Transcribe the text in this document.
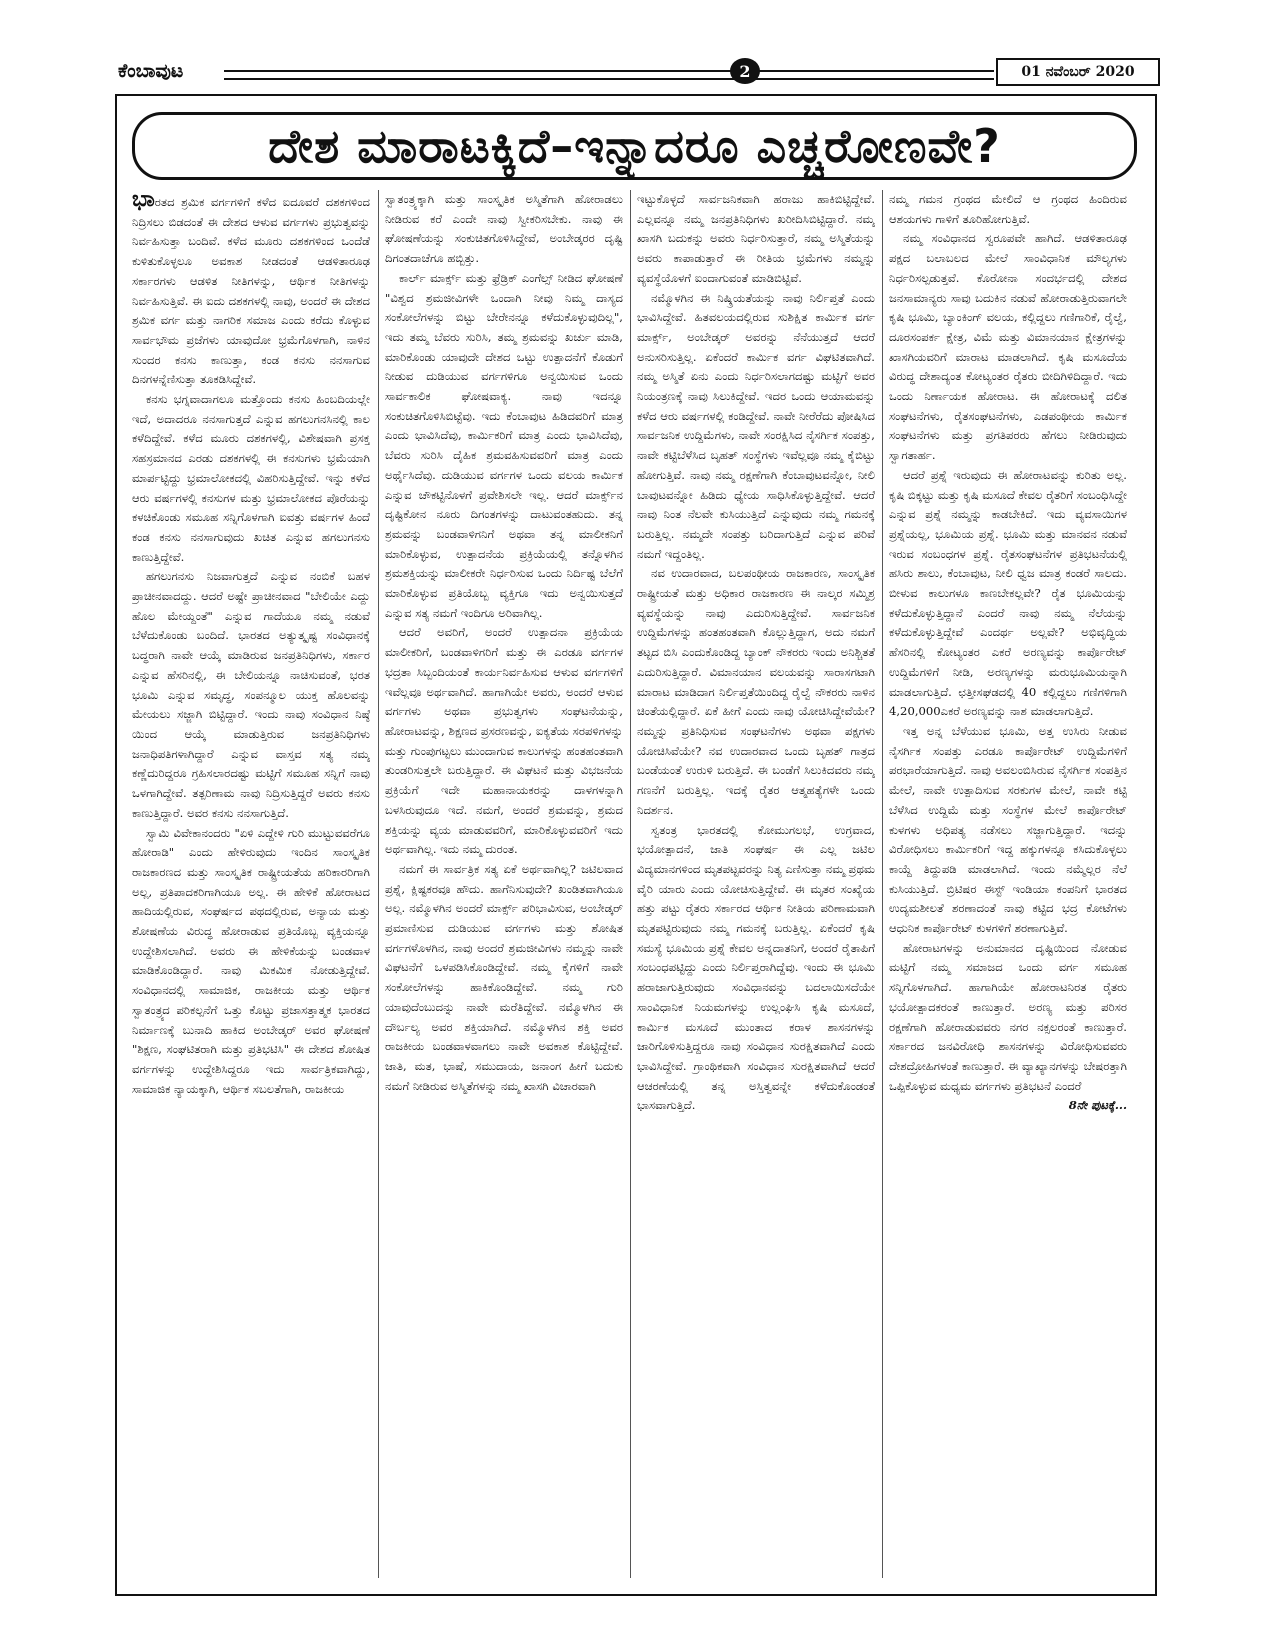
ಕೆಂಬಾವುಟ	2	01 ನವೆಂಬರ್ 2020
ದೇಶ ಮಾರಾಟಕ್ಕಿದೆ–ಇನ್ನಾದರೂ ಎಚ್ಚರೋಣವೇ?

ಭಾರತದ ಶ್ರಮಿಕ ವರ್ಗಗಳಿಗೆ ಕಳೆದ ಐದೂವರೆ ದಶಕಗಳಿಂದ ನಿದ್ರಿಸಲು ಬಿಡದಂತೆ ಈ ದೇಶದ ಆಳುವ ವರ್ಗಗಳು ಪ್ರಭುತ್ವವನ್ನು ನಿರ್ವಹಿಸುತ್ತಾ ಬಂದಿವೆ. ಕಳೆದ ಮೂರು ದಶಕಗಳಿಂದ ಒಂದೆಡೆ ಕುಳಿತುಕೊಳ್ಳಲೂ ಅವಕಾಶ ನೀಡದಂತೆ ಆಡಳಿತಾರೂಢ ಸರ್ಕಾರಗಳು ಆಡಳಿತ ನೀತಿಗಳನ್ನು, ಆರ್ಥಿಕ ನೀತಿಗಳನ್ನು ನಿರ್ವಹಿಸುತ್ತಿವೆ. ಈ ಐದು ದಶಕಗಳಲ್ಲಿ ನಾವು, ಅಂದರೆ ಈ ದೇಶದ ಶ್ರಮಿಕ ವರ್ಗ ಮತ್ತು ನಾಗರಿಕ ಸಮಾಜ ಎಂದು ಕರೆದು ಕೊಳ್ಳುವ ಸಾರ್ವಭೌಮ ಪ್ರಜೆಗಳು ಯಾವುದೋ ಭ್ರಮೆಗೊಳಗಾಗಿ, ನಾಳಿನ ಸುಂದರ ಕನಸು ಕಾಣುತ್ತಾ, ಕಂಡ ಕನಸು ನನಸಾಗುವ ದಿನಗಳನ್ನೆಣಿಸುತ್ತಾ ತೂಕಡಿಸಿದ್ದೇವೆ.

ಕನಸು ಭಗ್ನವಾದಾಗಲೂ ಮತ್ತೊಂದು ಕನಸು ಹಿಂಬದಿಯಲ್ಲೇ ಇದೆ, ಅದಾದರೂ ನನಸಾಗುತ್ತದೆ ಎನ್ನುವ ಹಗಲುಗನಸಿನಲ್ಲಿ ಕಾಲ ಕಳೆದಿದ್ದೇವೆ. ಕಳೆದ ಮೂರು ದಶಕಗಳಲ್ಲಿ, ವಿಶೇಷವಾಗಿ ಪ್ರಸಕ್ತ ಸಹಸ್ರಮಾನದ ಎರಡು ದಶಕಗಳಲ್ಲಿ ಈ ಕನಸುಗಳು ಭ್ರಮೆಯಾಗಿ ಮಾರ್ಪಟ್ಟಿದ್ದು ಭ್ರಮಾಲೋಕದಲ್ಲಿ ವಿಹರಿಸುತ್ತಿದ್ದೇವೆ. ಇನ್ನು ಕಳೆದ ಆರು ವರ್ಷಗಳಲ್ಲಿ ಕನಸುಗಳ ಮತ್ತು ಭ್ರಮಾಲೋಕದ ಪೊರೆಯನ್ನು ಕಳಚಿಕೊಂಡು ಸಮೂಹ ಸನ್ನಿಗೊಳಗಾಗಿ ಐವತ್ತು ವರ್ಷಗಳ ಹಿಂದೆ ಕಂಡ ಕನಸು ನನಸಾಗುವುದು ಖಚಿತ ಎನ್ನುವ ಹಗಲುಗನಸು ಕಾಣುತ್ತಿದ್ದೇವೆ.

ಹಗಲುಗನಸು ನಿಜವಾಗುತ್ತದೆ ಎನ್ನುವ ನಂಬಿಕೆ ಬಹಳ ಪ್ರಾಚೀನವಾದದ್ದು. ಆದರೆ ಅಷ್ಟೇ ಪ್ರಾಚೀನವಾದ "ಬೇಲಿಯೇ ಎದ್ದು ಹೊಲ ಮೇಯ್ದಂತೆ" ಎನ್ನುವ ಗಾದೆಯೂ ನಮ್ಮ ನಡುವೆ ಬೆಳೆದುಕೊಂಡು ಬಂದಿದೆ. ಭಾರತದ ಅತ್ಯುತ್ಕೃಷ್ಟ ಸಂವಿಧಾನಕ್ಕೆ ಬದ್ಧರಾಗಿ ನಾವೇ ಆಯ್ಕೆ ಮಾಡಿರುವ ಜನಪ್ರತಿನಿಧಿಗಳು, ಸರ್ಕಾರ ಎನ್ನುವ ಹೆಸರಿನಲ್ಲಿ, ಈ ಬೇಲಿಯನ್ನೂ ನಾಚಿಸುವಂತೆ, ಭರತ ಭೂಮಿ ಎನ್ನುವ ಸಮೃದ್ಧ, ಸಂಪನ್ಮೂಲ ಯುಕ್ತ ಹೊಲವನ್ನು ಮೇಯಲು ಸಜ್ಜಾಗಿ ಬಿಟ್ಟಿದ್ದಾರೆ. ಇಂದು ನಾವು ಸಂವಿಧಾನ ನಿಷ್ಠೆ ಯಿಂದ ಆಯ್ಕೆ ಮಾಡುತ್ತಿರುವ ಜನಪ್ರತಿನಿಧಿಗಳು ಜನಾಧಿಪತಿಗಳಾಗಿದ್ದಾರೆ ಎನ್ನುವ ವಾಸ್ತವ ಸತ್ಯ ನಮ್ಮ ಕಣ್ಣೆದುರಿದ್ದರೂ ಗ್ರಹಿಸಲಾರದಷ್ಟು ಮಟ್ಟಿಗೆ ಸಮೂಹ ಸನ್ನಿಗೆ ನಾವು ಒಳಗಾಗಿದ್ದೇವೆ. ತತ್ಪರಿಣಾಮ ನಾವು ನಿದ್ರಿಸುತ್ತಿದ್ದರೆ ಅವರು ಕನಸು ಕಾಣುತ್ತಿದ್ದಾರೆ. ಅವರ ಕನಸು ನನಸಾಗುತ್ತಿದೆ.

ಸ್ವಾಮಿ ವಿವೇಕಾನಂದರು "ಏಳಿ ಎದ್ದೇಳಿ ಗುರಿ ಮುಟ್ಟುವವರೆಗೂ ಹೋರಾಡಿ" ಎಂದು ಹೇಳಿರುವುದು ಇಂದಿನ ಸಾಂಸ್ಕೃತಿಕ ರಾಜಕಾರಣದ ಮತ್ತು ಸಾಂಸ್ಕೃತಿಕ ರಾಷ್ಟ್ರೀಯತೆಯ ಹರಿಕಾರರಿಗಾಗಿ ಅಲ್ಲ, ಪ್ರತಿಪಾದಕರಿಗಾಗಿಯೂ ಅಲ್ಲ. ಈ ಹೇಳಿಕೆ ಹೋರಾಟದ ಹಾದಿಯಲ್ಲಿರುವ, ಸಂಘರ್ಷದ ಪಥದಲ್ಲಿರುವ, ಅನ್ಯಾಯ ಮತ್ತು ಶೋಷಣೆಯ ವಿರುದ್ಧ ಹೋರಾಡುವ ಪ್ರತಿಯೊಬ್ಬ ವ್ಯಕ್ತಿಯನ್ನೂ ಉದ್ದೇಶಿಸಲಾಗಿದೆ. ಅವರು ಈ ಹೇಳಿಕೆಯನ್ನು ಬಂಡವಾಳ ಮಾಡಿಕೊಂಡಿದ್ದಾರೆ. ನಾವು ಮಿಕಮಿಕ ನೋಡುತ್ತಿದ್ದೇವೆ. ಸಂವಿಧಾನದಲ್ಲಿ ಸಾಮಾಜಿಕ, ರಾಜಕೀಯ ಮತ್ತು ಆರ್ಥಿಕ ಸ್ವಾತಂತ್ರ್ಯದ ಪರಿಕಲ್ಪನೆಗೆ ಒತ್ತು ಕೊಟ್ಟು ಪ್ರಜಾಸತ್ತಾತ್ಮಕ ಭಾರತದ ನಿರ್ಮಾಣಕ್ಕೆ ಬುನಾದಿ ಹಾಕಿದ ಅಂಬೇಡ್ಕರ್ ಅವರ ಘೋಷಣೆ "ಶಿಕ್ಷಣ, ಸಂಘಟಿತರಾಗಿ ಮತ್ತು ಪ್ರತಿಭಟಿಸಿ" ಈ ದೇಶದ ಶೋಷಿತ ವರ್ಗಗಳನ್ನು ಉದ್ದೇಶಿಸಿದ್ದರೂ ಇದು ಸಾರ್ವತ್ರಿಕವಾಗಿದ್ದು, ಸಾಮಾಜಿಕ ನ್ಯಾಯಕ್ಕಾಗಿ, ಆರ್ಥಿಕ ಸಬಲತೆಗಾಗಿ, ರಾಜಕೀಯ

ಸ್ವಾತಂತ್ರ್ಯಕ್ಕಾಗಿ ಮತ್ತು ಸಾಂಸ್ಕೃತಿಕ ಅಸ್ಮಿತೆಗಾಗಿ ಹೋರಾಡಲು ನೀಡಿರುವ ಕರೆ ಎಂದೇ ನಾವು ಸ್ವೀಕರಿಸಬೇಕು. ನಾವು ಈ ಘೋಷಣೆಯನ್ನು ಸಂಕುಚಿತಗೊಳಿಸಿದ್ದೇವೆ, ಅಂಬೇಡ್ಕರರ ದೃಷ್ಟಿ ದಿಗಂತದಾಚೆಗೂ ಹಬ್ಬಿತ್ತು.

ಕಾರ್ಲ್ ಮಾರ್ಕ್ಸ್ ಮತ್ತು ಫ್ರೆಡ್ರಿಕ್ ಎಂಗೆಲ್ಸ್ ನೀಡಿದ ಘೋಷಣೆ "ವಿಶ್ವದ ಶ್ರಮಜೀವಿಗಳೇ ಒಂದಾಗಿ ನೀವು ನಿಮ್ಮ ದಾಸ್ಯದ ಸಂಕೋಲೆಗಳನ್ನು ಬಿಟ್ಟು ಬೇರೇನನ್ನೂ ಕಳೆದುಕೊಳ್ಳುವುದಿಲ್ಲ", ಇದು ತಮ್ಮ ಬೆವರು ಸುರಿಸಿ, ತಮ್ಮ ಶ್ರಮವನ್ನು ಖರ್ಚು ಮಾಡಿ, ಮಾರಿಕೊಂಡು ಯಾವುದೇ ದೇಶದ ಒಟ್ಟು ಉತ್ಪಾದನೆಗೆ ಕೊಡುಗೆ ನೀಡುವ ದುಡಿಯುವ ವರ್ಗಗಳಿಗೂ ಅನ್ವಯಿಸುವ ಒಂದು ಸಾರ್ವಕಾಲಿಕ ಘೋಷವಾಕ್ಯ. ನಾವು ಇದನ್ನೂ ಸಂಕುಚಿತಗೊಳಿಸಿಬಿಟ್ಟೆವು. ಇದು ಕೆಂಬಾವುಟ ಹಿಡಿದವರಿಗೆ ಮಾತ್ರ ಎಂದು ಭಾವಿಸಿದೆವು, ಕಾರ್ಮಿಕರಿಗೆ ಮಾತ್ರ ಎಂದು ಭಾವಿಸಿದೆವು, ಬೆವರು ಸುರಿಸಿ ದೈಹಿಕ ಶ್ರಮವಹಿಸುವವರಿಗೆ ಮಾತ್ರ ಎಂದು ಅರ್ಥೈಸಿದೆವು. ದುಡಿಯುವ ವರ್ಗಗಳ ಒಂದು ವಲಯ ಕಾರ್ಮಿಕ ಎನ್ನುವ ಚೌಕಟ್ಟಿನೊಳಗೆ ಪ್ರವೇಶಿಸಲೇ ಇಲ್ಲ. ಆದರೆ ಮಾರ್ಕ್ಸ್‌ನ ದೃಷ್ಟಿಕೋನ ನೂರು ದಿಗಂತಗಳನ್ನು ದಾಟುವಂತಹುದು. ತನ್ನ ಶ್ರಮವನ್ನು ಬಂಡವಾಳಿಗನಿಗೆ ಅಥವಾ ತನ್ನ ಮಾಲೀಕನಿಗೆ ಮಾರಿಕೊಳ್ಳುವ, ಉತ್ಪಾದನೆಯ ಪ್ರಕ್ರಿಯೆಯಲ್ಲಿ ತನ್ನೊಳಗಿನ ಶ್ರಮಶಕ್ತಿಯನ್ನು ಮಾಲೀಕರೇ ನಿರ್ಧರಿಸುವ ಒಂದು ನಿರ್ದಿಷ್ಟ ಬೆಲೆಗೆ ಮಾರಿಕೊಳ್ಳುವ ಪ್ರತಿಯೊಬ್ಬ ವ್ಯಕ್ತಿಗೂ ಇದು ಅನ್ವಯಿಸುತ್ತದೆ ಎನ್ನುವ ಸತ್ಯ ನಮಗೆ ಇಂದಿಗೂ ಅರಿವಾಗಿಲ್ಲ.

ಆದರೆ ಅವರಿಗೆ, ಅಂದರೆ ಉತ್ಪಾದನಾ ಪ್ರಕ್ರಿಯೆಯ ಮಾಲೀಕರಿಗೆ, ಬಂಡವಾಳಿಗರಿಗೆ ಮತ್ತು ಈ ಎರಡೂ ವರ್ಗಗಳ ಭದ್ರತಾ ಸಿಬ್ಬಂದಿಯಂತೆ ಕಾರ್ಯನಿರ್ವಹಿಸುವ ಆಳುವ ವರ್ಗಗಳಿಗೆ ಇವೆಲ್ಲವೂ ಅರ್ಥವಾಗಿದೆ. ಹಾಗಾಗಿಯೇ ಅವರು, ಅಂದರೆ ಆಳುವ ವರ್ಗಗಳು ಅಥವಾ ಪ್ರಭುತ್ವಗಳು ಸಂಘಟನೆಯನ್ನು, ಹೋರಾಟವನ್ನು, ಶಿಕ್ಷಣದ ಪ್ರಸರಣವನ್ನು, ಐಕ್ಯತೆಯ ಸರಪಳಿಗಳನ್ನು ಮತ್ತು ಗುಂಪುಗಟ್ಟಲು ಮುಂದಾಗುವ ಕಾಲುಗಳನ್ನು ಹಂತಹಂತವಾಗಿ ತುಂಡರಿಸುತ್ತಲೇ ಬರುತ್ತಿದ್ದಾರೆ. ಈ ವಿಘಟನೆ ಮತ್ತು ವಿಭಜನೆಯ ಪ್ರಕ್ರಿಯೆಗೆ ಇದೇ ಮಹಾನಾಯಕರನ್ನು ದಾಳಗಳನ್ನಾಗಿ ಬಳಸಿರುವುದೂ ಇದೆ. ನಮಗೆ, ಅಂದರೆ ಶ್ರಮವನ್ನು, ಶ್ರಮದ ಶಕ್ತಿಯನ್ನು ವ್ಯಯ ಮಾಡುವವರಿಗೆ, ಮಾರಿಕೊಳ್ಳುವವರಿಗೆ ಇದು ಅರ್ಥವಾಗಿಲ್ಲ. ಇದು ನಮ್ಮ ದುರಂತ.

ನಮಗೆ ಈ ಸಾರ್ವತ್ರಿಕ ಸತ್ಯ ಏಕೆ ಅರ್ಥವಾಗಿಲ್ಲ? ಜಟಿಲವಾದ ಪ್ರಶ್ನೆ, ಕ್ಲಿಷ್ಟಕರವೂ ಹೌದು. ಹಾಗೆನಿಸುವುದೇ? ಖಂಡಿತವಾಗಿಯೂ ಅಲ್ಲ. ನಮ್ಮೊಳಗಿನ ಅಂದರೆ ಮಾರ್ಕ್ಸ್ ಪರಿಭಾವಿಸುವ, ಅಂಬೇಡ್ಕರ್ ಪ್ರಮಾಣಿಸುವ ದುಡಿಯುವ ವರ್ಗಗಳು ಮತ್ತು ಶೋಷಿತ ವರ್ಗಗಳೊಳಗಿನ, ನಾವು ಅಂದರೆ ಶ್ರಮಜೀವಿಗಳು ನಮ್ಮನ್ನು ನಾವೇ ವಿಘಟನೆಗೆ ಒಳಪಡಿಸಿಕೊಂಡಿದ್ದೇವೆ. ನಮ್ಮ ಕೈಗಳಿಗೆ ನಾವೇ ಸಂಕೋಲೆಗಳನ್ನು ಹಾಕಿಕೊಂಡಿದ್ದೇವೆ. ನಮ್ಮ ಗುರಿ ಯಾವುದೆಂಬುದನ್ನು ನಾವೇ ಮರೆತಿದ್ದೇವೆ. ನಮ್ಮೊಳಗಿನ ಈ ದೌರ್ಬಲ್ಯ ಅವರ ಶಕ್ತಿಯಾಗಿದೆ. ನಮ್ಮೊಳಗಿನ ಶಕ್ತಿ ಅವರ ರಾಜಕೀಯ ಬಂಡವಾಳವಾಗಲು ನಾವೇ ಅವಕಾಶ ಕೊಟ್ಟಿದ್ದೇವೆ. ಜಾತಿ, ಮತ, ಭಾಷೆ, ಸಮುದಾಯ, ಜನಾಂಗ ಹೀಗೆ ಬದುಕು ನಮಗೆ ನೀಡಿರುವ ಅಸ್ಮಿತೆಗಳನ್ನು ನಮ್ಮ ಖಾಸಗಿ ವಿಚಾರವಾಗಿ

ಇಟ್ಟುಕೊಳ್ಳದೆ ಸಾರ್ವಜನಿಕವಾಗಿ ಹರಾಜು ಹಾಕಿಬಿಟ್ಟಿದ್ದೇವೆ. ಎಲ್ಲವನ್ನೂ ನಮ್ಮ ಜನಪ್ರತಿನಿಧಿಗಳು ಖರೀದಿಸಿಬಿಟ್ಟಿದ್ದಾರೆ. ನಮ್ಮ ಖಾಸಗಿ ಬದುಕನ್ನು ಅವರು ನಿರ್ಧರಿಸುತ್ತಾರೆ, ನಮ್ಮ ಅಸ್ಮಿತೆಯನ್ನು ಅವರು ಕಾಪಾಡುತ್ತಾರೆ ಈ ರೀತಿಯ ಭ್ರಮೆಗಳು ನಮ್ಮನ್ನು ವ್ಯವಸ್ಥೆಯೊಳಗೆ ಐಂದಾಗುವಂತೆ ಮಾಡಿಬಿಟ್ಟಿವೆ.

ನಮ್ಮೊಳಗಿನ ಈ ನಿಷ್ಕ್ರಿಯತೆಯನ್ನು ನಾವು ನಿರ್ಲಿಪ್ತತೆ ಎಂದು ಭಾವಿಸಿದ್ದೇವೆ. ಹಿತವಲಯದಲ್ಲಿರುವ ಸುಶಿಕ್ಷಿತ ಕಾರ್ಮಿಕ ವರ್ಗ ಮಾರ್ಕ್ಸ್, ಅಂಬೇಡ್ಕರ್ ಅವರನ್ನು ನೆನೆಯುತ್ತದೆ ಆದರೆ ಅನುಸರಿಸುತ್ತಿಲ್ಲ. ಏಕೆಂದರೆ ಕಾರ್ಮಿಕ ವರ್ಗ ವಿಘಟಿತವಾಗಿದೆ. ನಮ್ಮ ಅಸ್ಮಿತೆ ಏನು ಎಂದು ನಿರ್ಧರಿಸಲಾಗದಷ್ಟು ಮಟ್ಟಿಗೆ ಅವರ ನಿಯಂತ್ರಣಕ್ಕೆ ನಾವು ಸಿಲುಕಿದ್ದೇವೆ. ಇದರ ಒಂದು ಆಯಾಮವನ್ನು ಕಳೆದ ಆರು ವರ್ಷಗಳಲ್ಲಿ ಕಂಡಿದ್ದೇವೆ. ನಾವೇ ನೀರೆರೆದು ಪೋಷಿಸಿದ ಸಾರ್ವಜನಿಕ ಉದ್ದಿಮೆಗಳು, ನಾವೇ ಸಂರಕ್ಷಿಸಿದ ನೈಸರ್ಗಿಕ ಸಂಪತ್ತು, ನಾವೇ ಕಟ್ಟಿಬೆಳೆಸಿದ ಬೃಹತ್ ಸಂಸ್ಥೆಗಳು ಇವೆಲ್ಲವೂ ನಮ್ಮ ಕೈಬಿಟ್ಟು ಹೋಗುತ್ತಿವೆ. ನಾವು ನಮ್ಮ ರಕ್ಷಣೆಗಾಗಿ ಕೆಂಬಾವುಟವನ್ನೋ, ನೀಲಿ ಬಾವುಟವನ್ನೋ ಹಿಡಿದು ಧ್ಯೇಯ ಸಾಧಿಸಿಕೊಳ್ಳುತ್ತಿದ್ದೇವೆ. ಆದರೆ ನಾವು ನಿಂತ ನೆಲವೇ ಕುಸಿಯುತ್ತಿದೆ ಎನ್ನುವುದು ನಮ್ಮ ಗಮನಕ್ಕೆ ಬರುತ್ತಿಲ್ಲ. ನಮ್ಮದೇ ಸಂಪತ್ತು ಬರಿದಾಗುತ್ತಿದೆ ಎನ್ನುವ ಪರಿವೆ ನಮಗೆ ಇದ್ದಂತಿಲ್ಲ.

ನವ ಉದಾರವಾದ, ಬಲಪಂಥೀಯ ರಾಜಕಾರಣ, ಸಾಂಸ್ಕೃತಿಕ ರಾಷ್ಟ್ರೀಯತೆ ಮತ್ತು ಅಧಿಕಾರ ರಾಜಕಾರಣ ಈ ನಾಲ್ಕರ ಸಮ್ಮಿಶ್ರ ವ್ಯವಸ್ಥೆಯನ್ನು ನಾವು ಎದುರಿಸುತ್ತಿದ್ದೇವೆ. ಸಾರ್ವಜನಿಕ ಉದ್ದಿಮೆಗಳನ್ನು ಹಂತಹಂತವಾಗಿ ಕೊಲ್ಲುತ್ತಿದ್ದಾಗ, ಅದು ನಮಗೆ ತಟ್ಟದ ಬಿಸಿ ಎಂದುಕೊಂಡಿದ್ದ ಬ್ಯಾಂಕ್ ನೌಕರರು ಇಂದು ಅನಿಶ್ಚಿತತೆ ಎದುರಿಸುತ್ತಿದ್ದಾರೆ. ವಿಮಾನಯಾನ ವಲಯವನ್ನು ಸಾರಾಸಗಟಾಗಿ ಮಾರಾಟ ಮಾಡಿದಾಗ ನಿರ್ಲಿಪ್ತತೆಯಿಂದಿದ್ದ ರೈಲ್ವೆ ನೌಕರರು ನಾಳಿನ ಚಿಂತೆಯಲ್ಲಿದ್ದಾರೆ. ಏಕೆ ಹೀಗೆ ಎಂದು ನಾವು ಯೋಚಿಸಿದ್ದೇವೆಯೇ? ನಮ್ಮನ್ನು ಪ್ರತಿನಿಧಿಸುವ ಸಂಘಟನೆಗಳು ಅಥವಾ ಪಕ್ಷಗಳು ಯೋಚಿಸಿವೆಯೇ? ನವ ಉದಾರವಾದ ಒಂದು ಬೃಹತ್ ಗಾತ್ರದ ಬಂಡೆಯಂತೆ ಉರುಳಿ ಬರುತ್ತಿದೆ. ಈ ಬಂಡೆಗೆ ಸಿಲುಕಿದವರು ನಮ್ಮ ಗಣನೆಗೆ ಬರುತ್ತಿಲ್ಲ. ಇದಕ್ಕೆ ರೈತರ ಆತ್ಮಹತ್ಯೆಗಳೇ ಒಂದು ನಿದರ್ಶನ.

ಸ್ವತಂತ್ರ ಭಾರತದಲ್ಲಿ ಕೋಮುಗಲಭೆ, ಉಗ್ರವಾದ, ಭಯೋತ್ಪಾದನೆ, ಜಾತಿ ಸಂಘರ್ಷ ಈ ಎಲ್ಲ ಜಟಿಲ ವಿದ್ಯಮಾನಗಳಿಂದ ಮೃತಪಟ್ಟವರನ್ನು ನಿತ್ಯ ಎಣಿಸುತ್ತಾ ನಮ್ಮ ಪ್ರಥಮ ವೈರಿ ಯಾರು ಎಂದು ಯೋಚಿಸುತ್ತಿದ್ದೇವೆ. ಈ ಮೃತರ ಸಂಖ್ಯೆಯ ಹತ್ತು ಪಟ್ಟು ರೈತರು ಸರ್ಕಾರದ ಆರ್ಥಿಕ ನೀತಿಯ ಪರಿಣಾಮವಾಗಿ ಮೃತಪಟ್ಟಿರುವುದು ನಮ್ಮ ಗಮನಕ್ಕೆ ಬರುತ್ತಿಲ್ಲ. ಏಕೆಂದರೆ ಕೃಷಿ ಸಮಸ್ಯೆ ಭೂಮಿಯ ಪ್ರಶ್ನೆ ಕೇವಲ ಅನ್ನದಾತನಿಗೆ, ಅಂದರೆ ರೈತಾಪಿಗೆ ಸಂಬಂಧಪಟ್ಟಿದ್ದು ಎಂದು ನಿರ್ಲಿಪ್ತರಾಗಿದ್ದೆವು. ಇಂದು ಈ ಭೂಮಿ ಹರಾಜಾಗುತ್ತಿರುವುದು ಸಂವಿಧಾನವನ್ನು ಬದಲಾಯಿಸದೆಯೇ ಸಾಂವಿಧಾನಿಕ ನಿಯಮಗಳನ್ನು ಉಲ್ಲಂಘಿಸಿ ಕೃಷಿ ಮಸೂದೆ, ಕಾರ್ಮಿಕ ಮಸೂದೆ ಮುಂತಾದ ಕರಾಳ ಶಾಸನಗಳನ್ನು ಜಾರಿಗೊಳಿಸುತ್ತಿದ್ದರೂ ನಾವು ಸಂವಿಧಾನ ಸುರಕ್ಷಿತವಾಗಿದೆ ಎಂದು ಭಾವಿಸಿದ್ದೇವೆ. ಗ್ರಾಂಥಿಕವಾಗಿ ಸಂವಿಧಾನ ಸುರಕ್ಷಿತವಾಗಿದೆ ಆದರೆ ಆಚರಣೆಯಲ್ಲಿ ತನ್ನ ಅಸ್ತಿತ್ವವನ್ನೇ ಕಳೆದುಕೊಂಡಂತೆ ಭಾಸವಾಗುತ್ತಿದೆ.

ನಮ್ಮ ಗಮನ ಗ್ರಂಥದ ಮೇಲಿದೆ ಆ ಗ್ರಂಥದ ಹಿಂದಿರುವ ಆಶಯಗಳು ಗಾಳಿಗೆ ತೂರಿಹೋಗುತ್ತಿವೆ.

ನಮ್ಮ ಸಂವಿಧಾನದ ಸ್ವರೂಪವೇ ಹಾಗಿದೆ. ಆಡಳಿತಾರೂಢ ಪಕ್ಷದ ಬಲಾಬಲದ ಮೇಲೆ ಸಾಂವಿಧಾನಿಕ ಮೌಲ್ಯಗಳು ನಿರ್ಧರಿಸಲ್ಪಡುತ್ತವೆ. ಕೊರೋನಾ ಸಂದರ್ಭದಲ್ಲಿ ದೇಶದ ಜನಸಾಮಾನ್ಯರು ಸಾವು ಬದುಕಿನ ನಡುವೆ ಹೋರಾಡುತ್ತಿರುವಾಗಲೇ ಕೃಷಿ ಭೂಮಿ, ಬ್ಯಾಂಕಿಂಗ್ ವಲಯ, ಕಲ್ಲಿದ್ದಲು ಗಣಿಗಾರಿಕೆ, ರೈಲ್ವೆ, ದೂರಸಂಪರ್ಕ ಕ್ಷೇತ್ರ, ವಿಮೆ ಮತ್ತು ವಿಮಾನಯಾನ ಕ್ಷೇತ್ರಗಳನ್ನು ಖಾಸಗಿಯವರಿಗೆ ಮಾರಾಟ ಮಾಡಲಾಗಿದೆ. ಕೃಷಿ ಮಸೂದೆಯ ವಿರುದ್ಧ ದೇಶಾದ್ಯಂತ ಕೋಟ್ಯಂತರ ರೈತರು ಬೀದಿಗಿಳಿದಿದ್ದಾರೆ. ಇದು ಒಂದು ನಿರ್ಣಾಯಕ ಹೋರಾಟ. ಈ ಹೋರಾಟಕ್ಕೆ ದಲಿತ ಸಂಘಟನೆಗಳು, ರೈತಸಂಘಟನೆಗಳು, ಎಡಪಂಥೀಯ ಕಾರ್ಮಿಕ ಸಂಘಟನೆಗಳು ಮತ್ತು ಪ್ರಗತಿಪರರು ಹೆಗಲು ನೀಡಿರುವುದು ಸ್ವಾಗತಾರ್ಹ.

ಆದರೆ ಪ್ರಶ್ನೆ ಇರುವುದು ಈ ಹೋರಾಟವನ್ನು ಕುರಿತು ಅಲ್ಲ. ಕೃಷಿ ಬಿಕ್ಕಟ್ಟು ಮತ್ತು ಕೃಷಿ ಮಸೂದೆ ಕೇವಲ ರೈತರಿಗೆ ಸಂಬಂಧಿಸಿದ್ದೇ ಎನ್ನುವ ಪ್ರಶ್ನೆ ನಮ್ಮನ್ನು ಕಾಡಬೇಕಿದೆ. ಇದು ವ್ಯವಸಾಯಿಗಳ ಪ್ರಶ್ನೆಯಲ್ಲ, ಭೂಮಿಯ ಪ್ರಶ್ನೆ. ಭೂಮಿ ಮತ್ತು ಮಾನವನ ನಡುವೆ ಇರುವ ಸಂಬಂಧಗಳ ಪ್ರಶ್ನೆ. ರೈತಸಂಘಟನೆಗಳ ಪ್ರತಿಭಟನೆಯಲ್ಲಿ ಹಸಿರು ಶಾಲು, ಕೆಂಬಾವುಟ, ನೀಲಿ ಧ್ವಜ ಮಾತ್ರ ಕಂಡರೆ ಸಾಲದು. ಬೀಳುವ ಕಾಲುಗಳೂ ಕಾಣಬೇಕಲ್ಲವೇ? ರೈತ ಭೂಮಿಯನ್ನು ಕಳೆದುಕೊಳ್ಳುತ್ತಿದ್ದಾನೆ ಎಂದರೆ ನಾವು ನಮ್ಮ ನೆಲೆಯನ್ನು ಕಳೆದುಕೊಳ್ಳುತ್ತಿದ್ದೇವೆ ಎಂದರ್ಥ ಅಲ್ಲವೇ? ಅಭಿವೃದ್ಧಿಯ ಹೆಸರಿನಲ್ಲಿ ಕೋಟ್ಯಂತರ ಎಕರೆ ಅರಣ್ಯವನ್ನು ಕಾರ್ಪೊರೇಟ್ ಉದ್ದಿಮೆಗಳಿಗೆ ನೀಡಿ, ಅರಣ್ಯಗಳನ್ನು ಮರುಭೂಮಿಯನ್ನಾಗಿ ಮಾಡಲಾಗುತ್ತಿದೆ. ಛತ್ತೀಸಘಡದಲ್ಲಿ 40 ಕಲ್ಲಿದ್ದಲು ಗಣಿಗಳಿಗಾಗಿ 4,20,000ಎಕರೆ ಅರಣ್ಯವನ್ನು ನಾಶ ಮಾಡಲಾಗುತ್ತಿದೆ.

ಇತ್ತ ಅನ್ನ ಬೆಳೆಯುವ ಭೂಮಿ, ಅತ್ತ ಉಸಿರು ನೀಡುವ ನೈಸರ್ಗಿಕ ಸಂಪತ್ತು ಎರಡೂ ಕಾರ್ಪೊರೇಟ್ ಉದ್ದಿಮೆಗಳಿಗೆ ಪರಭಾರೆಯಾಗುತ್ತಿದೆ. ನಾವು ಅವಲಂಬಿಸಿರುವ ನೈಸರ್ಗಿಕ ಸಂಪತ್ತಿನ ಮೇಲೆ, ನಾವೇ ಉತ್ಪಾದಿಸುವ ಸರಕುಗಳ ಮೇಲೆ, ನಾವೇ ಕಟ್ಟಿ ಬೆಳೆಸಿದ ಉದ್ದಿಮೆ ಮತ್ತು ಸಂಸ್ಥೆಗಳ ಮೇಲೆ ಕಾರ್ಪೊರೇಟ್ ಕುಳಗಳು ಅಧಿಪತ್ಯ ನಡೆಸಲು ಸಜ್ಜಾಗುತ್ತಿದ್ದಾರೆ. ಇದನ್ನು ವಿರೋಧಿಸಲು ಕಾರ್ಮಿಕರಿಗೆ ಇದ್ದ ಹಕ್ಕುಗಳನ್ನೂ ಕಸಿದುಕೊಳ್ಳಲು ಕಾಯ್ದೆ ತಿದ್ದುಪಡಿ ಮಾಡಲಾಗಿದೆ. ಇಂದು ನಮ್ಮೆಲ್ಲರ ನೆಲೆ ಕುಸಿಯುತ್ತಿದೆ. ಬ್ರಿಟಿಷರ ಈಸ್ಟ್ ಇಂಡಿಯಾ ಕಂಪನಿಗೆ ಭಾರತದ ಉದ್ಯಮಶೀಲತೆ ಶರಣಾದಂತೆ ನಾವು ಕಟ್ಟಿದ ಭದ್ರ ಕೋಟೆಗಳು ಆಧುನಿಕ ಕಾರ್ಪೊರೇಟ್ ಕುಳಗಳಿಗೆ ಶರಣಾಗುತ್ತಿವೆ.

ಹೋರಾಟಗಳನ್ನು ಅನುಮಾನದ ದೃಷ್ಟಿಯಿಂದ ನೋಡುವ ಮಟ್ಟಿಗೆ ನಮ್ಮ ಸಮಾಜದ ಒಂದು ವರ್ಗ ಸಮೂಹ ಸನ್ನಿಗೊಳಗಾಗಿದೆ. ಹಾಗಾಗಿಯೇ ಹೋರಾಟನಿರತ ರೈತರು ಭಯೋತ್ಪಾದಕರಂತೆ ಕಾಣುತ್ತಾರೆ. ಅರಣ್ಯ ಮತ್ತು ಪರಿಸರ ರಕ್ಷಣೆಗಾಗಿ ಹೋರಾಡುವವರು ನಗರ ನಕ್ಸಲರಂತೆ ಕಾಣುತ್ತಾರೆ. ಸರ್ಕಾರದ ಜನವಿರೋಧಿ ಶಾಸನಗಳನ್ನು ವಿರೋಧಿಸುವವರು ದೇಶದ್ರೋಹಿಗಳಂತೆ ಕಾಣುತ್ತಾರೆ. ಈ ವ್ಯಾಖ್ಯಾನಗಳನ್ನು ಬೇಷರತ್ತಾಗಿ ಒಪ್ಪಿಕೊಳ್ಳುವ ಮಧ್ಯಮ ವರ್ಗಗಳು ಪ್ರತಿಭಟನೆ ಎಂದರೆ

8ನೇ ಪುಟಕ್ಕೆ...
